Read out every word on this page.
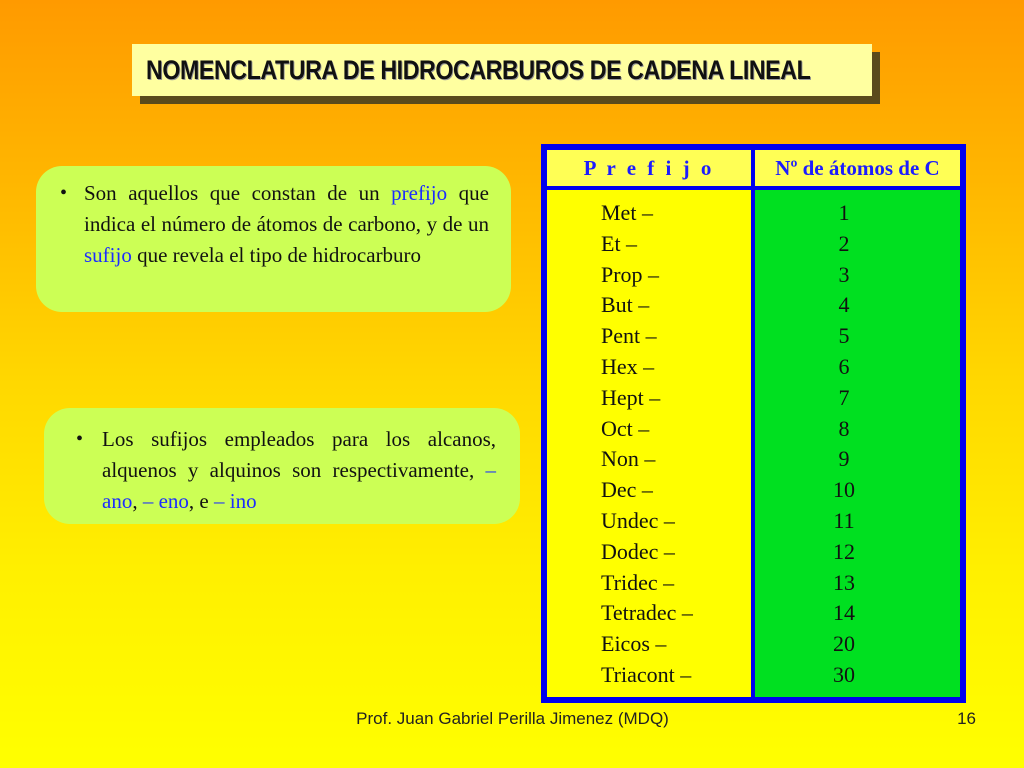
NOMENCLATURA DE HIDROCARBUROS DE CADENA LINEAL
• Son aquellos que constan de un prefijo que indica el número de átomos de carbono, y de un sufijo que revela el tipo de hidrocarburo
• Los sufijos empleados para los alcanos, alquenos y alquinos son respectivamente, – ano, – eno, e – ino
P r e f i j o	Nº de átomos de C
Met –
Et –
Prop –
But –
Pent –
Hex –
Hept –
Oct –
Non –
Dec –
Undec –
Dodec –
Tridec –
Tetradec –
Eicos –
Triacont –
1
2
3
4
5
6
7
8
9
10
11
12
13
14
20
30
Prof. Juan Gabriel Perilla Jimenez (MDQ)	16
